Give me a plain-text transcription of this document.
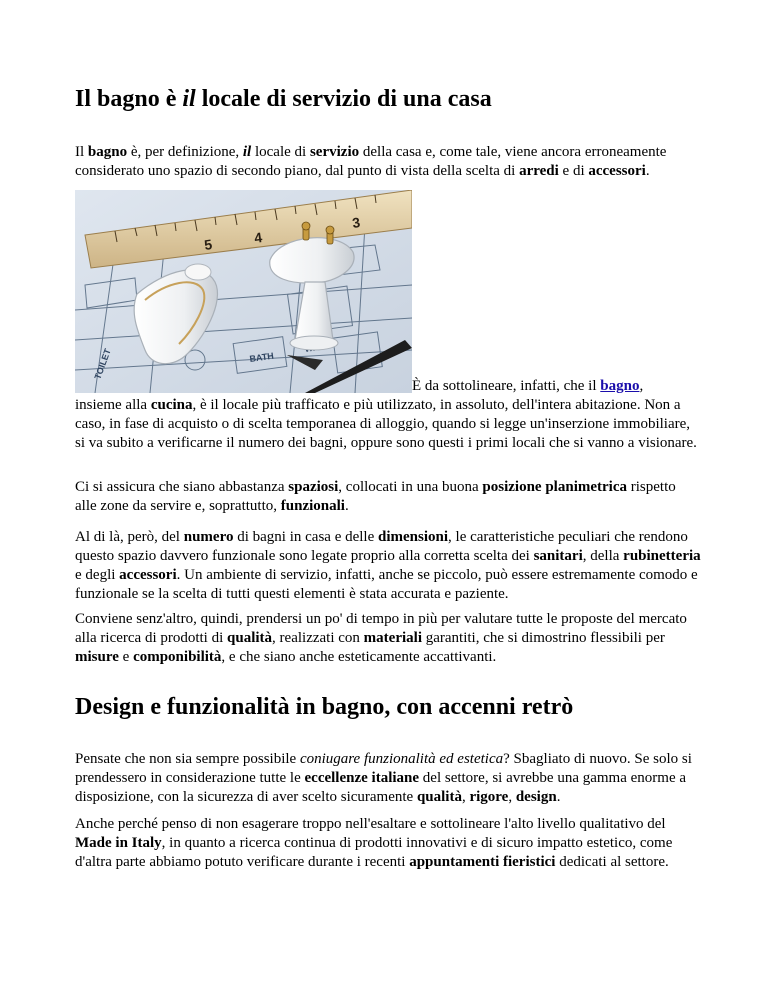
Il bagno è il locale di servizio di una casa

Il bagno è, per definizione, il locale di servizio della casa e, come tale, viene ancora erroneamente considerato uno spazio di secondo piano, dal punto di vista della scelta di arredi e di accessori.

BATH
TOILET
5	4
3
È da sottolineare, infatti, che il bagno,

insieme alla cucina, è il locale più trafficato e più utilizzato, in assoluto, dell'intera abitazione. Non a caso, in fase di acquisto o di scelta temporanea di alloggio, quando si legge un'inserzione immobiliare, si va subito a verificarne il numero dei bagni, oppure sono questi i primi locali che si vanno a visionare.

Ci si assicura che siano abbastanza spaziosi, collocati in una buona posizione planimetrica rispetto alle zone da servire e, soprattutto, funzionali.

Al di là, però, del numero di bagni in casa e delle dimensioni, le caratteristiche peculiari che rendono questo spazio davvero funzionale sono legate proprio alla corretta scelta dei sanitari, della rubinetteria e degli accessori. Un ambiente di servizio, infatti, anche se piccolo, può essere estremamente comodo e funzionale se la scelta di tutti questi elementi è stata accurata e paziente.

Conviene senz'altro, quindi, prendersi un po' di tempo in più per valutare tutte le proposte del mercato alla ricerca di prodotti di qualità, realizzati con materiali garantiti, che si dimostrino flessibili per misure e componibilità, e che siano anche esteticamente accattivanti.

Design e funzionalità in bagno, con accenni retrò

Pensate che non sia sempre possibile coniugare funzionalità ed estetica? Sbagliato di nuovo. Se solo si prendessero in considerazione tutte le eccellenze italiane del settore, si avrebbe una gamma enorme a disposizione, con la sicurezza di aver scelto sicuramente qualità, rigore, design.

Anche perché penso di non esagerare troppo nell'esaltare e sottolineare l'alto livello qualitativo del Made in Italy, in quanto a ricerca continua di prodotti innovativi e di sicuro impatto estetico, come d'altra parte abbiamo potuto verificare durante i recenti appuntamenti fieristici dedicati al settore.
